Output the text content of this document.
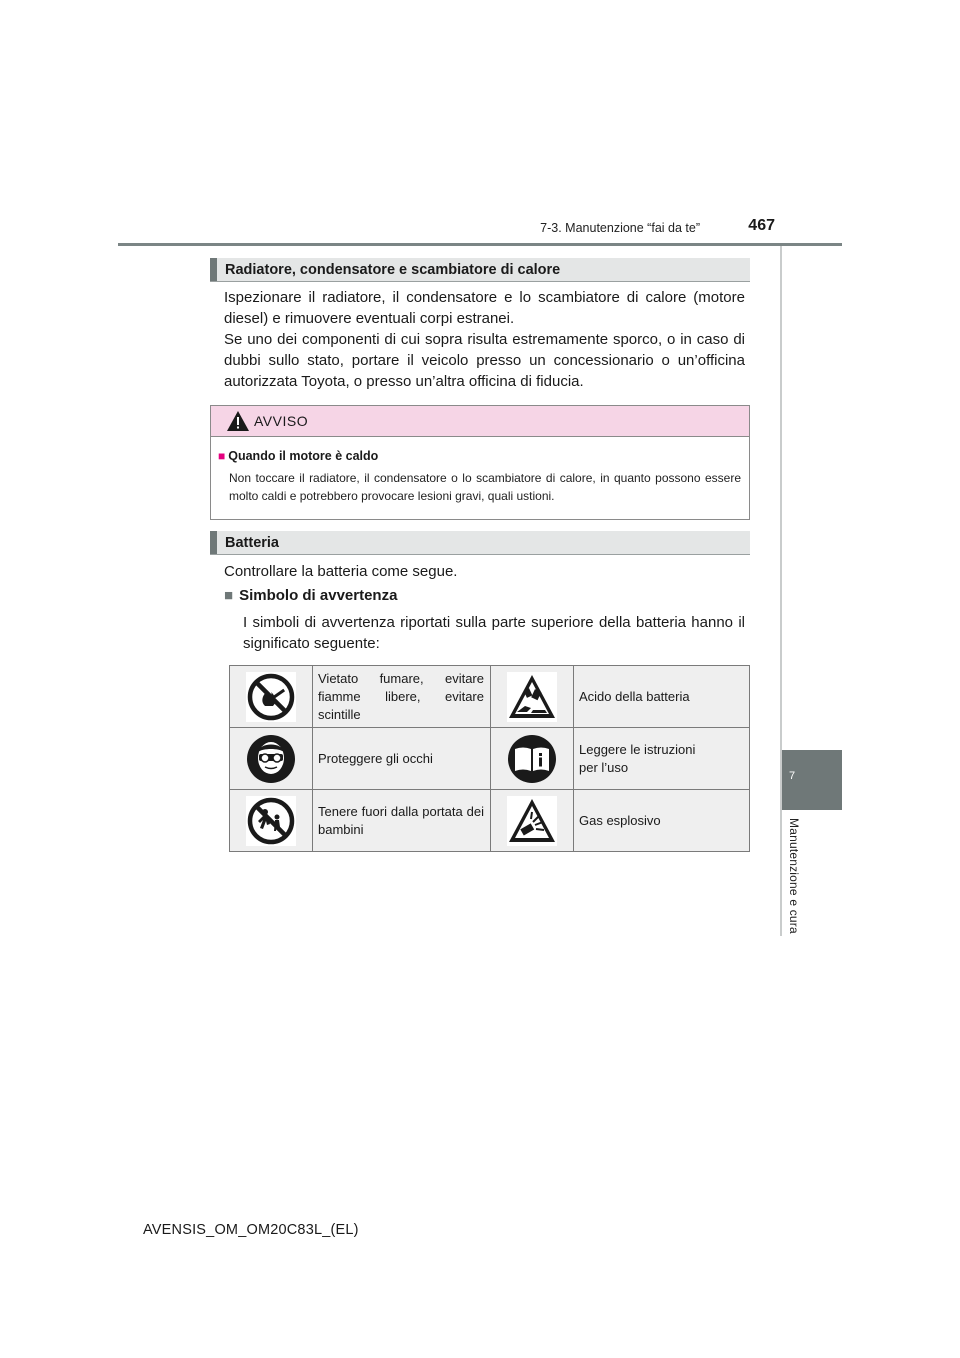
7-3. Manutenzione “fai da te”	467
7
Manutenzione e cura
Radiatore, condensatore e scambiatore di calore

Ispezionare il radiatore, il condensatore e lo scambiatore di calore (motore diesel) e rimuovere eventuali corpi estranei.

Se uno dei componenti di cui sopra risulta estremamente sporco, o in caso di dubbi sullo stato, portare il veicolo presso un concessionario o un’officina autorizzata Toyota, o presso un’altra officina di fiducia.

AVVISO
■ Quando il motore è caldo
Non toccare il radiatore, il condensatore o lo scambiatore di calore, in quanto possono essere molto caldi e potrebbero provocare lesioni gravi, quali ustioni.
Batteria
Controllare la batteria come segue.
■ Simbolo di avvertenza
I simboli di avvertenza riportati sulla parte superiore della batteria hanno il significato seguente:
	Vietato fumare, evitare fiamme libere, evitare scintille		Acido della batteria

	Proteggere gli occhi		Leggere le istruzioni
per l’uso

	Tenere fuori dalla portata dei bambini		Gas esplosivo
AVENSIS_OM_OM20C83L_(EL)
